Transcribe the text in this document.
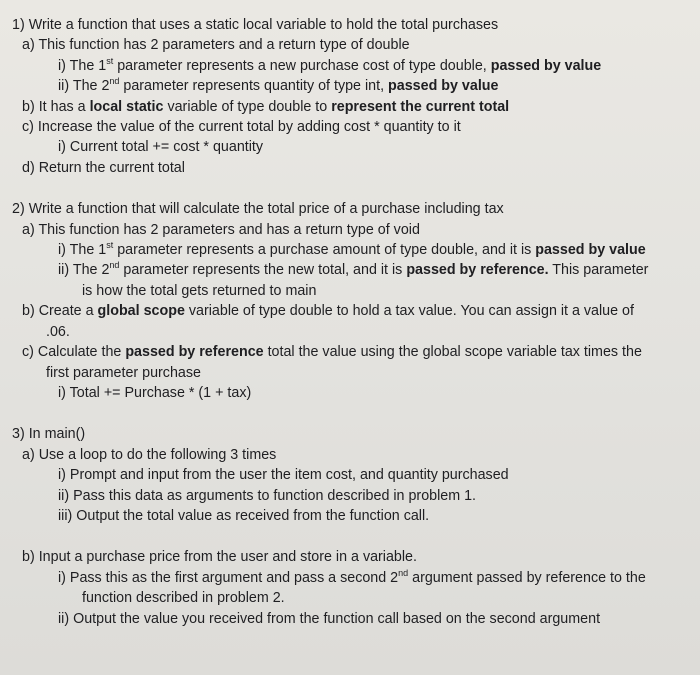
1) Write a function that uses a static local variable to hold the total purchases
a) This function has 2 parameters and a return type of double
i) The 1st parameter represents a new purchase cost of type double, passed by value
ii) The 2nd parameter represents quantity of type int, passed by value
b) It has a local static variable of type double to represent the current total
c) Increase the value of the current total by adding cost * quantity to it
i) Current total += cost * quantity
d) Return the current total
2) Write a function that will calculate the total price of a purchase including tax
a) This function has 2 parameters and has a return type of void
i) The 1st parameter represents a purchase amount of type double, and it is passed by value
ii) The 2nd parameter represents the new total, and it is passed by reference. This parameter
is how the total gets returned to main
b) Create a global scope variable of type double to hold a tax value. You can assign it a value of
.06.
c) Calculate the passed by reference total the value using the global scope variable tax times the
first parameter purchase
i) Total += Purchase * (1 + tax)
3) In main()
a) Use a loop to do the following 3 times
i) Prompt and input from the user the item cost, and quantity purchased
ii) Pass this data as arguments to function described in problem 1.
iii) Output the total value as received from the function call.
b) Input a purchase price from the user and store in a variable.
i) Pass this as the first argument and pass a second 2nd argument passed by reference to the
function described in problem 2.
ii) Output the value you received from the function call based on the second argument
